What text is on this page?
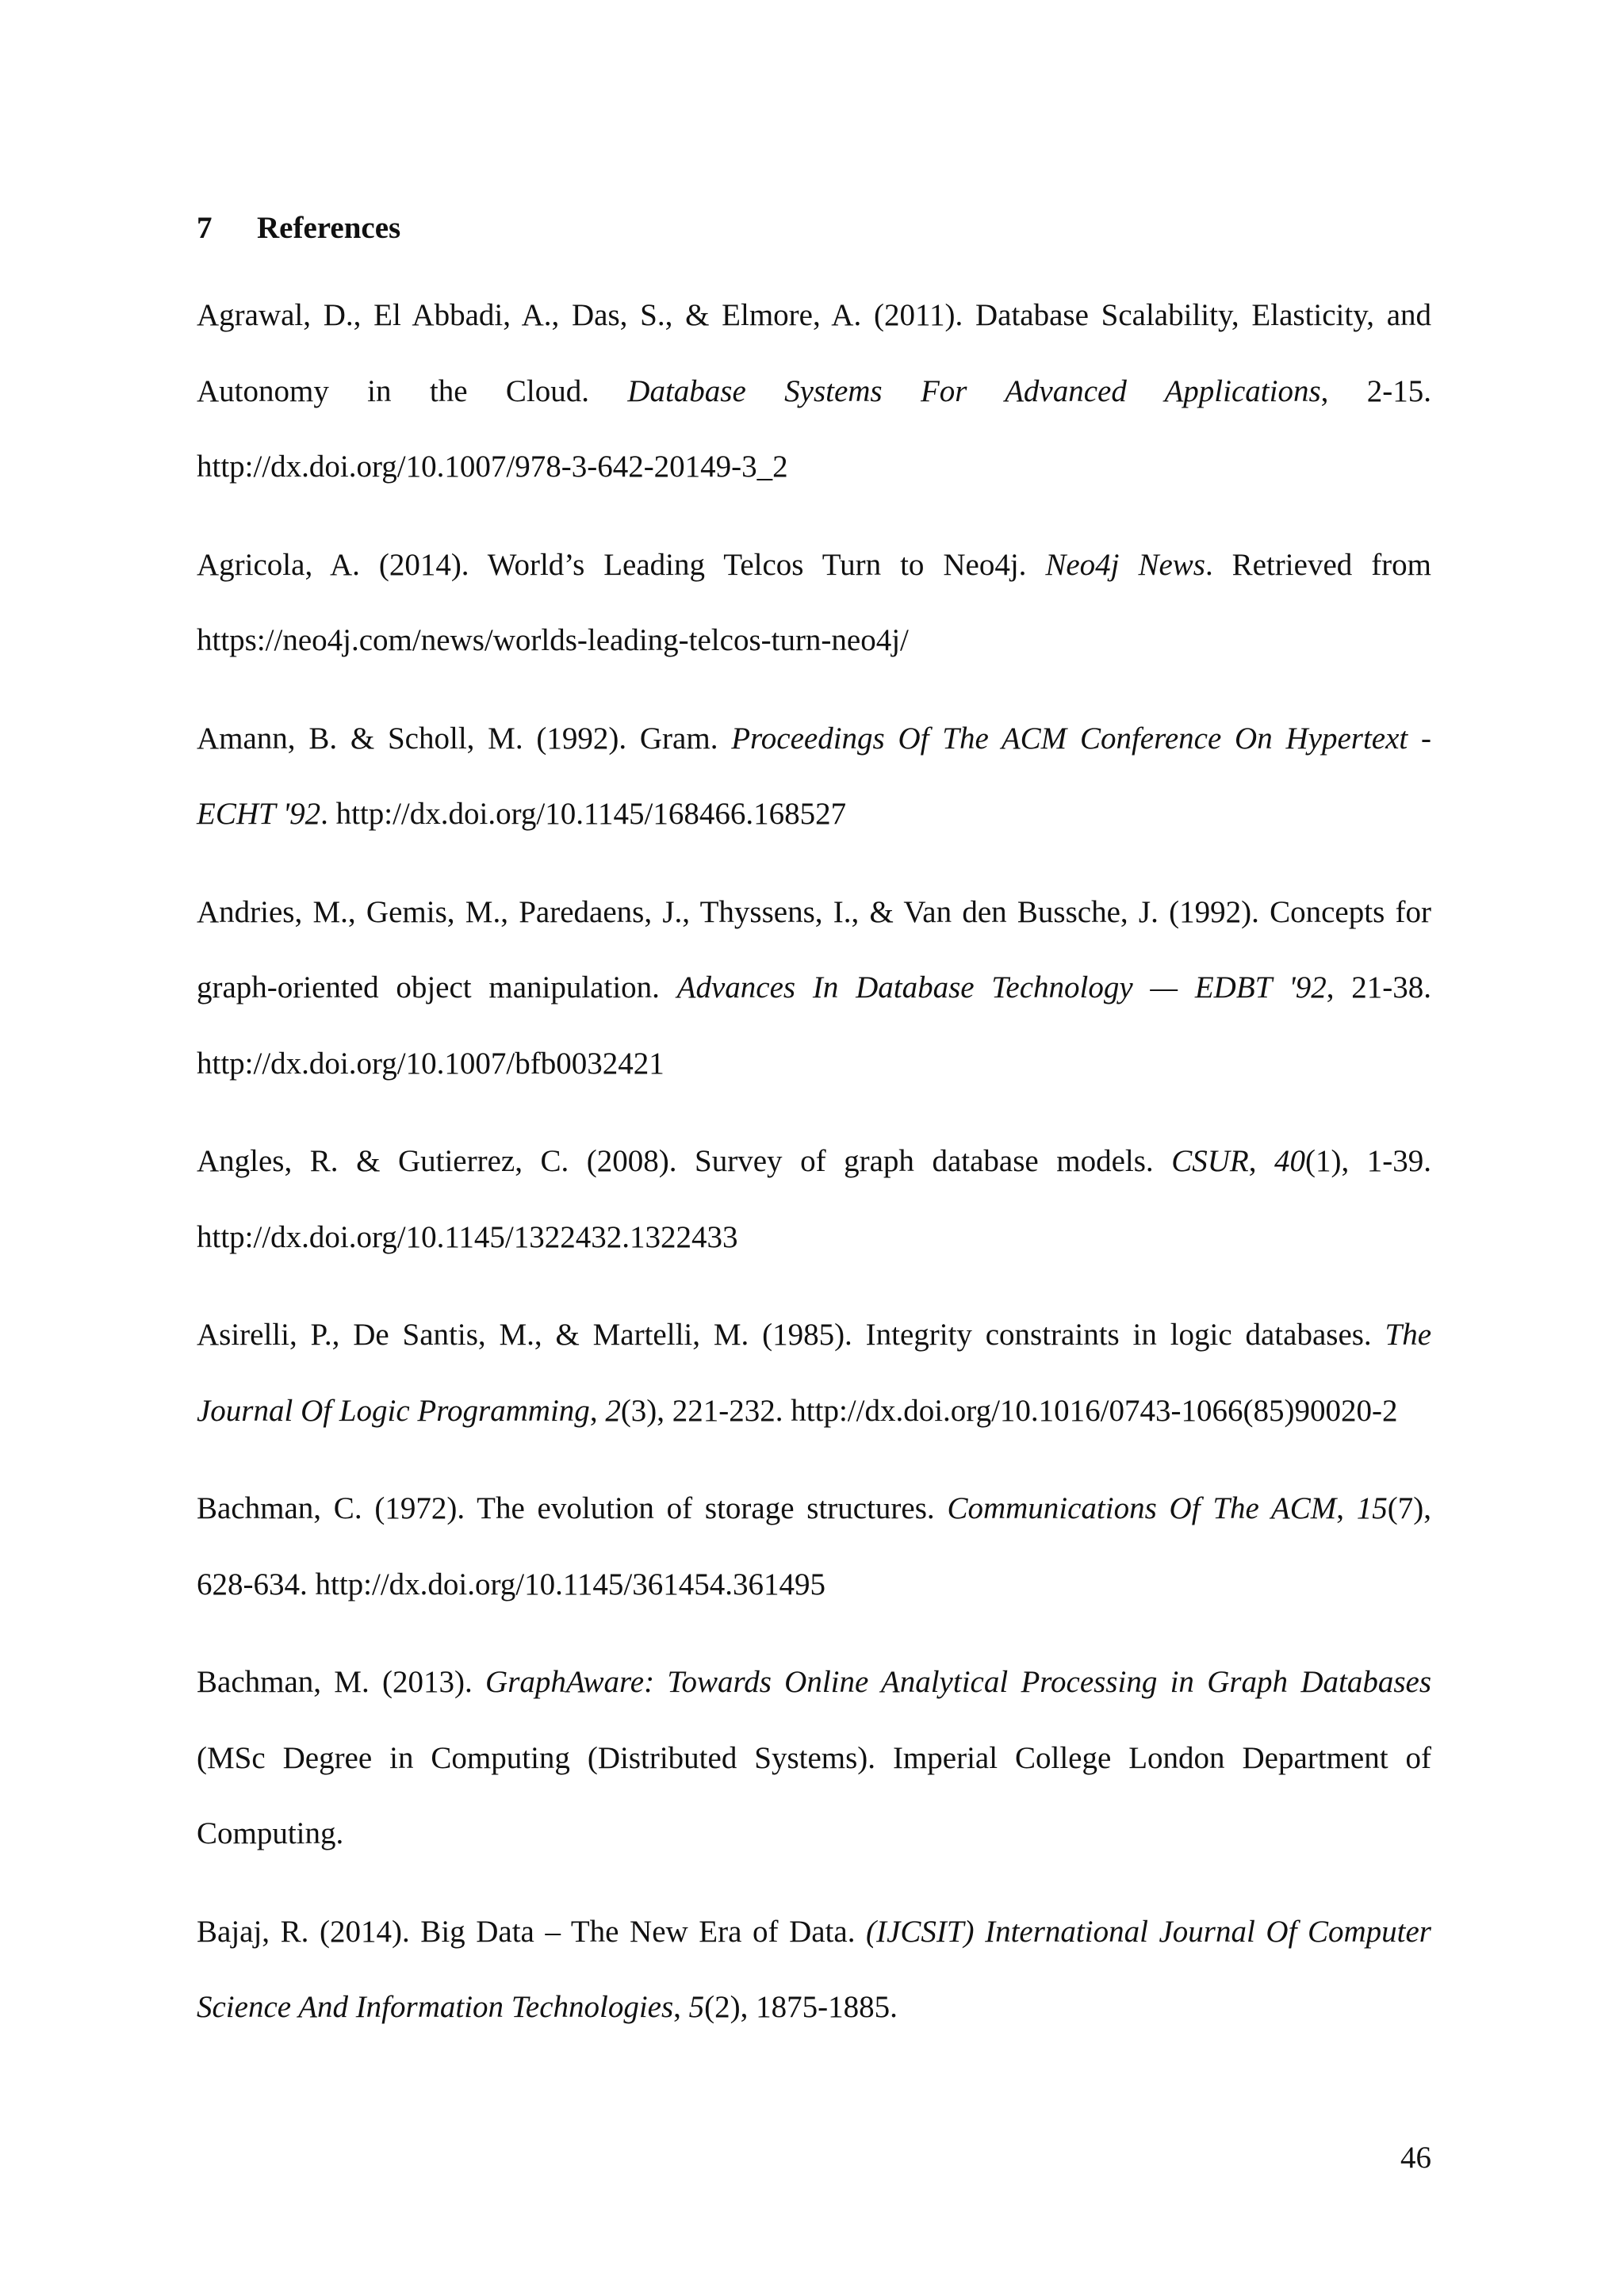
7 References

Agrawal, D., El Abbadi, A., Das, S., & Elmore, A. (2011). Database Scalability, Elasticity, and Autonomy in the Cloud. Database Systems For Advanced Applications, 2-15. http://dx.doi.org/10.1007/978-3-642-20149-3_2

Agricola, A. (2014). World’s Leading Telcos Turn to Neo4j. Neo4j News. Retrieved from https://neo4j.com/news/worlds-leading-telcos-turn-neo4j/

Amann, B. & Scholl, M. (1992). Gram. Proceedings Of The ACM Conference On Hypertext - ECHT '92. http://dx.doi.org/10.1145/168466.168527

Andries, M., Gemis, M., Paredaens, J., Thyssens, I., & Van den Bussche, J. (1992). Concepts for graph-oriented object manipulation. Advances In Database Technology — EDBT '92, 21-38. http://dx.doi.org/10.1007/bfb0032421

Angles, R. & Gutierrez, C. (2008). Survey of graph database models. CSUR, 40(1), 1-39. http://dx.doi.org/10.1145/1322432.1322433

Asirelli, P., De Santis, M., & Martelli, M. (1985). Integrity constraints in logic databases. The Journal Of Logic Programming, 2(3), 221-232. http://dx.doi.org/10.1016/0743-1066(85)90020-2

Bachman, C. (1972). The evolution of storage structures. Communications Of The ACM, 15(7), 628-634. http://dx.doi.org/10.1145/361454.361495

Bachman, M. (2013). GraphAware: Towards Online Analytical Processing in Graph Databases (MSc Degree in Computing (Distributed Systems). Imperial College London Department of Computing.

Bajaj, R. (2014). Big Data – The New Era of Data. (IJCSIT) International Journal Of Computer Science And Information Technologies, 5(2), 1875-1885.

46
